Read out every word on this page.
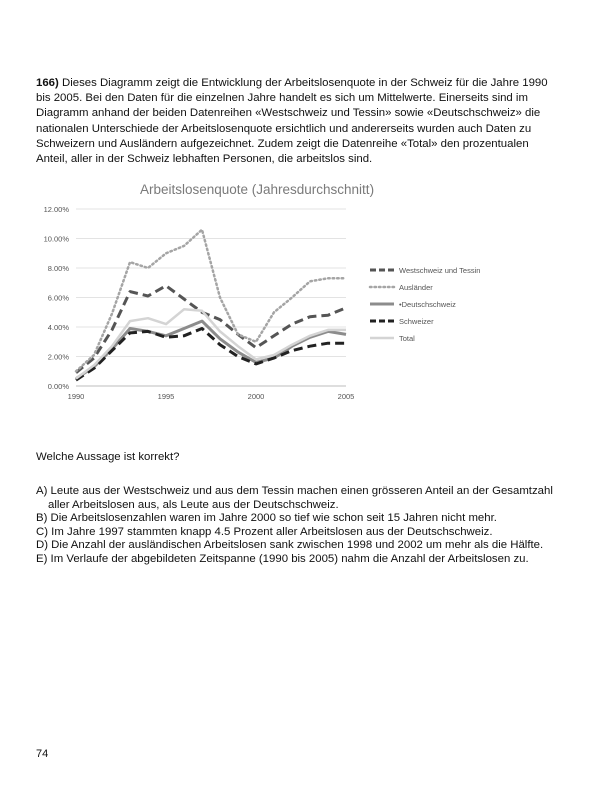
166) Dieses Diagramm zeigt die Entwicklung der Arbeitslosenquote in der Schweiz für die Jahre 1990 bis 2005. Bei den Daten für die einzelnen Jahre handelt es sich um Mittelwerte. Einerseits sind im Diagramm anhand der beiden Datenreihen «Westschweiz und Tessin» sowie «Deutschschweiz» die nationalen Unterschiede der Arbeitslosenquote ersichtlich und andererseits wurden auch Daten zu Schweizern und Ausländern aufgezeichnet. Zudem zeigt die Datenreihe «Total» den prozentualen Anteil, aller in der Schweiz lebhaften Personen, die arbeitslos sind.
Arbeitslosenquote (Jahresdurchschnitt)
0.00%
2.00%
4.00%
6.00%
8.00%
10.00%
12.00%
1990	1995	2000	2005
Westschweiz und Tessin
Ausländer
•Deutschschweiz
Schweizer
Total
Welche Aussage ist korrekt?
A) Leute aus der Westschweiz und aus dem Tessin machen einen grösseren Anteil an der Gesamtzahl aller Arbeitslosen aus, als Leute aus der Deutschschweiz.
B) Die Arbeitslosenzahlen waren im Jahre 2000 so tief wie schon seit 15 Jahren nicht mehr.
C) Im Jahre 1997 stammten knapp 4.5 Prozent aller Arbeitslosen aus der Deutschschweiz.
D) Die Anzahl der ausländischen Arbeitslosen sank zwischen 1998 und 2002 um mehr als die Hälfte.
E) Im Verlaufe der abgebildeten Zeitspanne (1990 bis 2005) nahm die Anzahl der Arbeitslosen zu.
74
